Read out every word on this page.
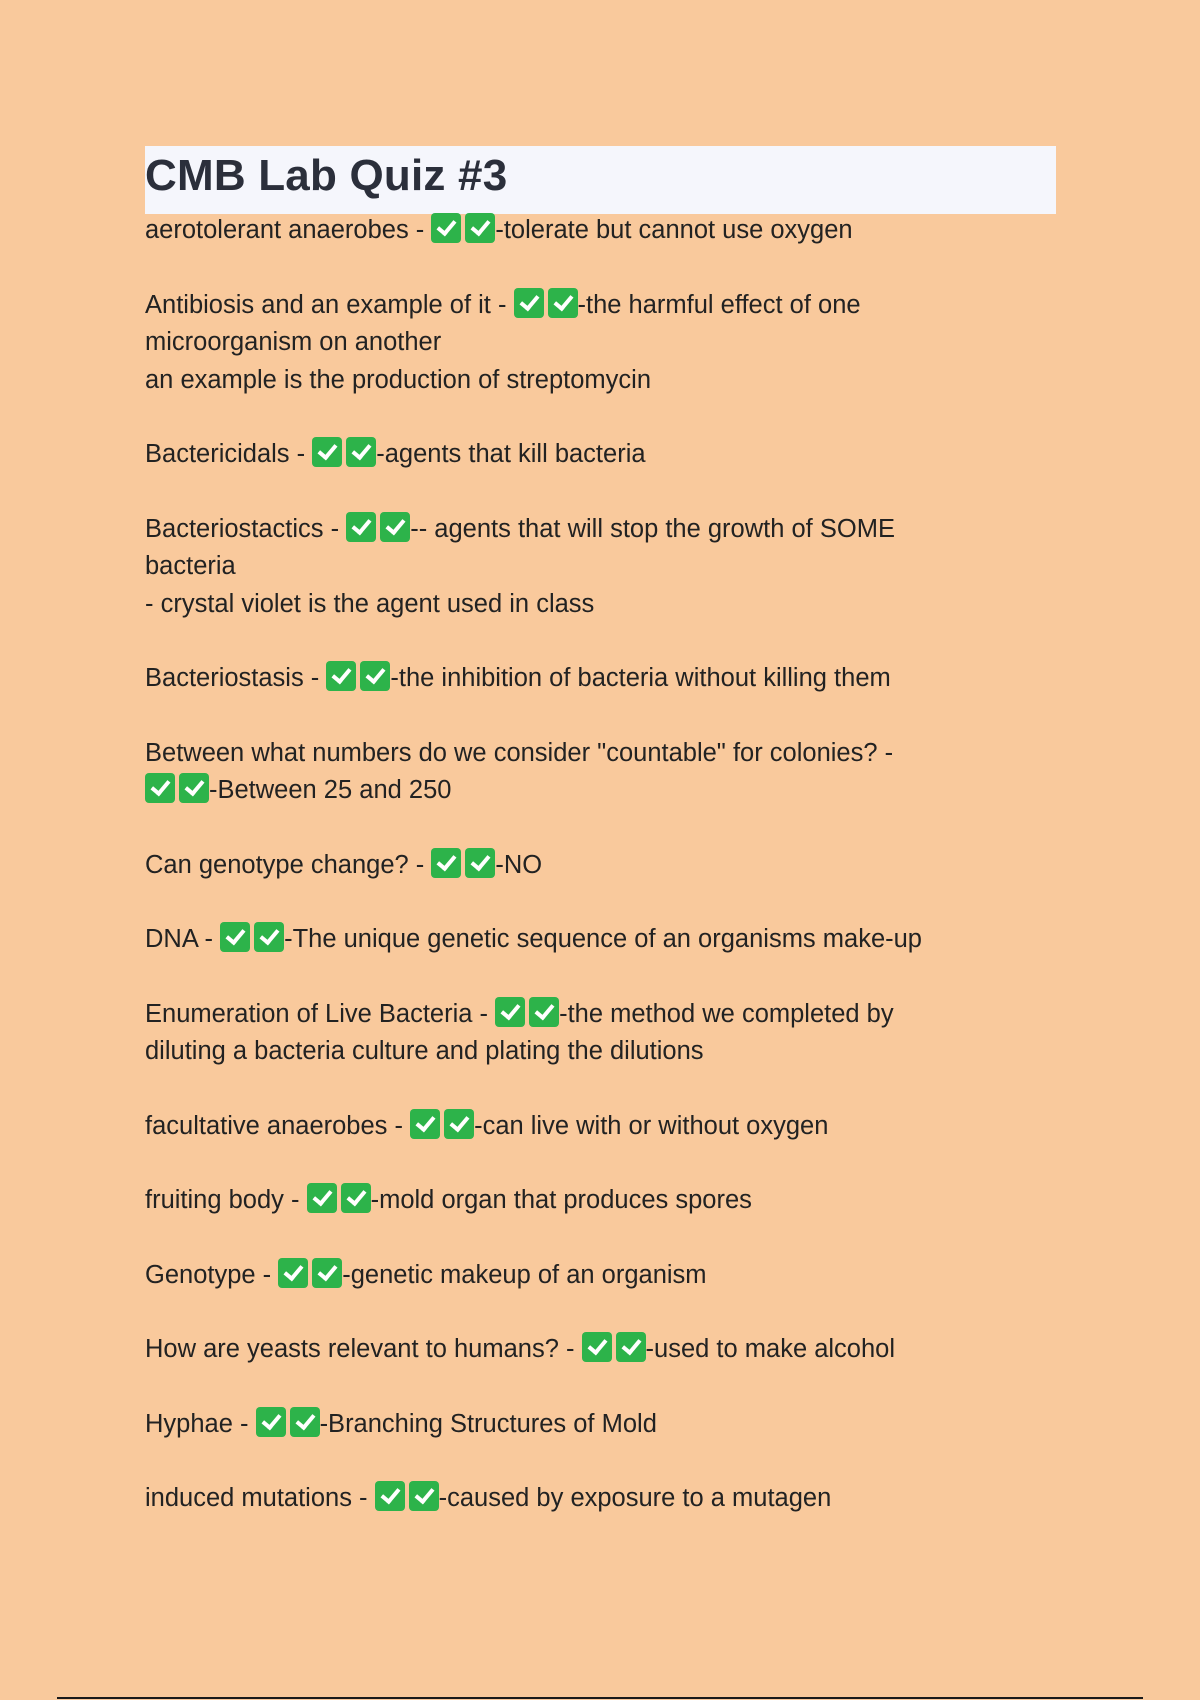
CMB Lab Quiz #3
aerotolerant anaerobes -	-tolerate but cannot use oxygen
Antibiosis and an example of it -	-the harmful effect of one
microorganism on another
an example is the production of streptomycin
Bactericidals -	-agents that kill bacteria
Bacteriostactics -	-- agents that will stop the growth of SOME
bacteria
- crystal violet is the agent used in class
Bacteriostasis -	-the inhibition of bacteria without killing them
Between what numbers do we consider "countable" for colonies? -
-Between 25 and 250
Can genotype change? -	-NO
DNA -	-The unique genetic sequence of an organisms make-up
Enumeration of Live Bacteria -	-the method we completed by
diluting a bacteria culture and plating the dilutions
facultative anaerobes -	-can live with or without oxygen
fruiting body -	-mold organ that produces spores
Genotype -	-genetic makeup of an organism
How are yeasts relevant to humans? -	-used to make alcohol
Hyphae -	-Branching Structures of Mold
induced mutations -	-caused by exposure to a mutagen
